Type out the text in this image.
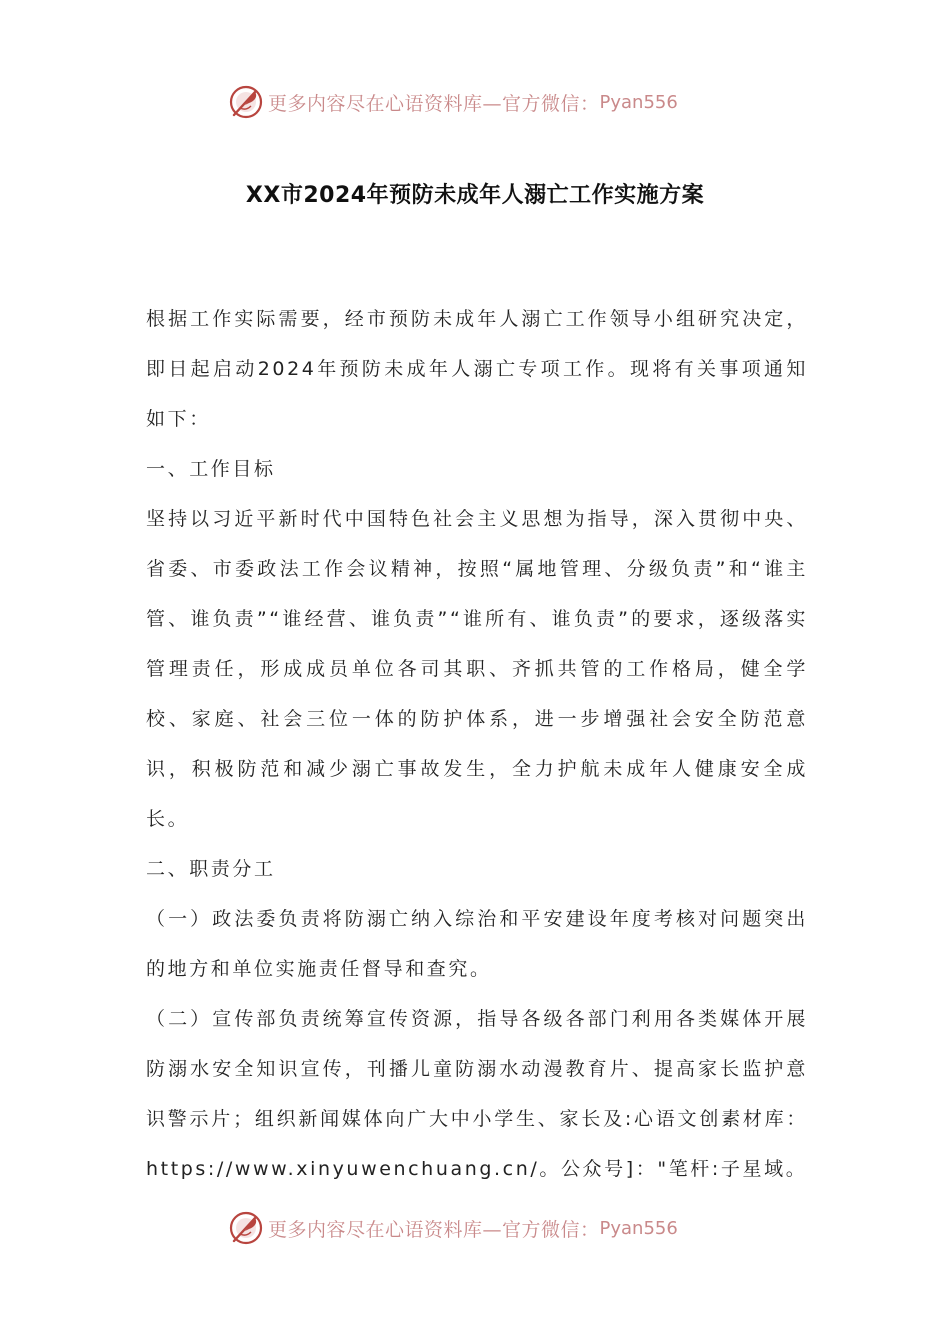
更多内容尽在心语资料库—官方微信： Pyan556
XX市2024年预防未成年人溺亡工作实施方案

根据工作实际需要，经市预防未成年人溺亡工作领导小组研究决定，即日起启动2024年预防未成年人溺亡专项工作。现将有关事项通知如下：

一、工作目标

坚持以习近平新时代中国特色社会主义思想为指导，深入贯彻中央、省委、市委政法工作会议精神，按照“属地管理、分级负责”和“谁主管、谁负责”“谁经营、谁负责”“谁所有、谁负责”的要求，逐级落实管理责任，形成成员单位各司其职、齐抓共管的工作格局，健全学校、家庭、社会三位一体的防护体系，进一步增强社会安全防范意识，积极防范和减少溺亡事故发生，全力护航未成年人健康安全成长。

二、职责分工

（一）政法委负责将防溺亡纳入综治和平安建设年度考核对问题突出的地方和单位实施责任督导和查究。

（二）宣传部负责统筹宣传资源，指导各级各部门利用各类媒体开展防溺水安全知识宣传，刊播儿童防溺水动漫教育片、提高家长监护意识警示片；组织新闻媒体向广大中小学生、家长及:心语文创素材库：https://www.xinyuwenchuang.cn/。公众号]："笔杆:子星域。

更多内容尽在心语资料库—官方微信： Pyan556
